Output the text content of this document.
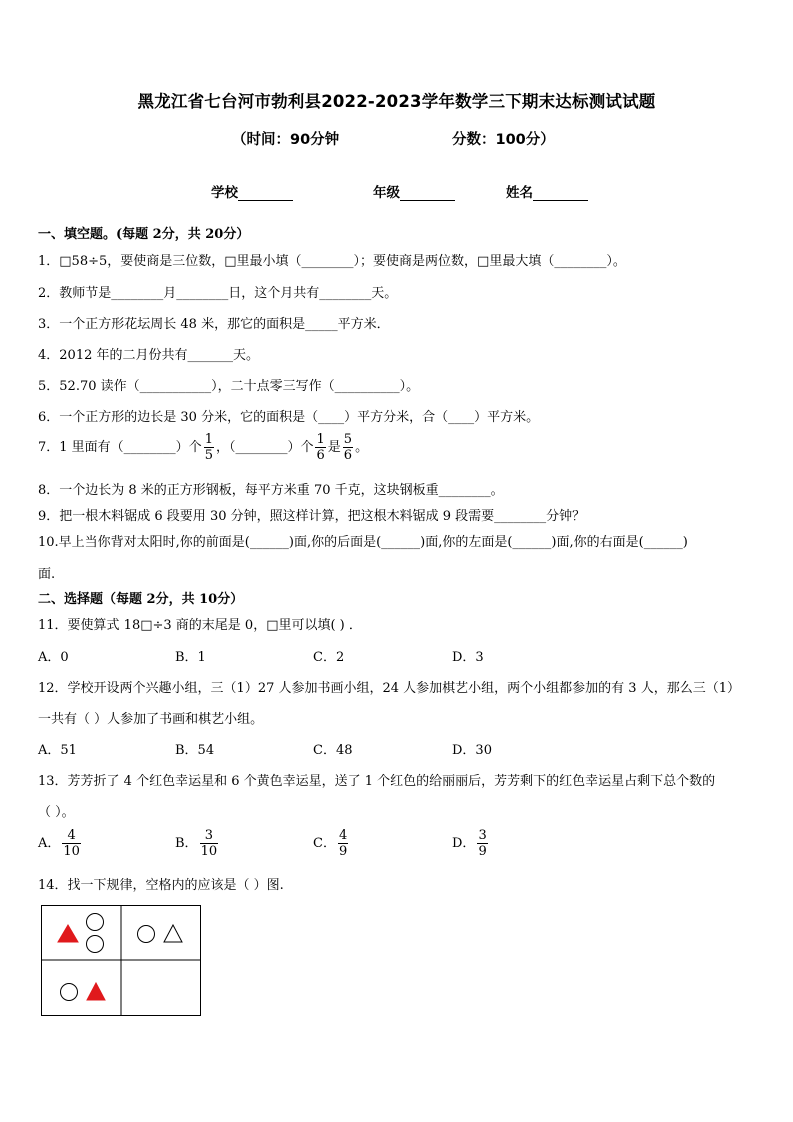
黑龙江省七台河市勃利县2022-2023学年数学三下期末达标测试试题
（时间：90分钟	分数：100分）
学校	年级	姓名
一、填空题。(每题 2分，共 20分）
1．□58÷5，要使商是三位数，□里最小填（________）；要使商是两位数，□里最大填（________）。
2．教师节是________月________日，这个月共有________天。
3．一个正方形花坛周长 48 米，那它的面积是_____平方米．
4．2012 年的二月份共有_______天。
5．52.70 读作（___________），二十点零三写作（__________）。
6．一个正方形的边长是 30 分米，它的面积是（____）平方分米，合（____）平方米。
7．1 里面有（________）个 $\frac{1}{5}$ ，（________）个 $\frac{1}{6}$ 是 $\frac{5}{6}$ 。
8．一个边长为 8 米的正方形钢板，每平方米重 70 千克，这块钢板重________。
9．把一根木料锯成 6 段要用 30 分钟，照这样计算，把这根木料锯成 9 段需要________分钟？
10.早上当你背对太阳时,你的前面是(______)面,你的后面是(______)面,你的左面是(______)面,你的右面是(______)
面.
二、选择题（每题 2分，共 10分）
11．要使算式 18□÷3 商的末尾是 0，□里可以填( ) ．
A．0	B．1	C．2	D．3
12．学校开设两个兴趣小组，三（1）27 人参加书画小组，24 人参加棋艺小组，两个小组都参加的有 3 人，那么三（1）
一共有（ ）人参加了书画和棋艺小组。
A．51	B．54	C．48	D．30
13．芳芳折了 4 个红色幸运星和 6 个黄色幸运星，送了 1 个红色的给丽丽后，芳芳剩下的红色幸运星占剩下总个数的
（ ）。
A． $\frac{4}{10}$	B． $\frac{3}{10}$	C． $\frac{4}{9}$	D． $\frac{3}{9}$
14．找一下规律，空格内的应该是（ ）图.
